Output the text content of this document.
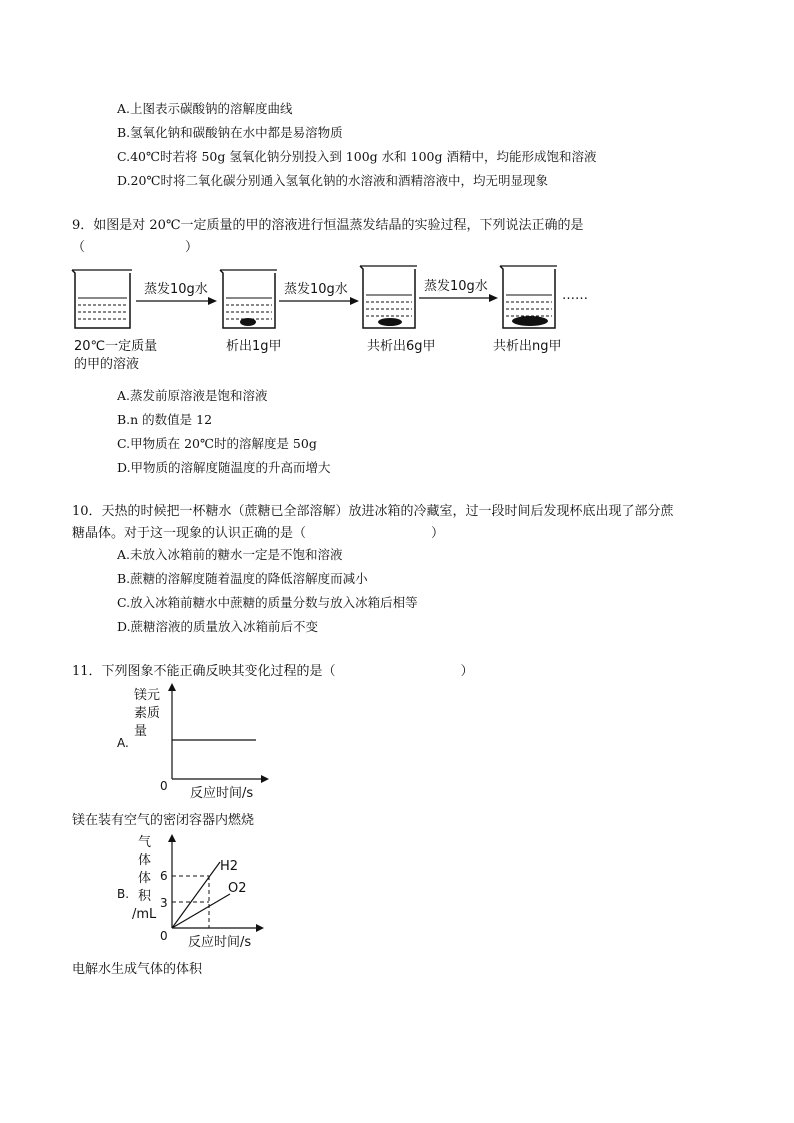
A.上图表示碳酸钠的溶解度曲线
B.氢氧化钠和碳酸钠在水中都是易溶物质
C.40℃时若将 50g 氢氧化钠分别投入到 100g 水和 100g 酒精中，均能形成饱和溶液
D.20℃时将二氧化碳分别通入氢氧化钠的水溶液和酒精溶液中，均无明显现象
9．如图是对 20℃一定质量的甲的溶液进行恒温蒸发结晶的实验过程，下列说法正确的是
（	）
蒸发10g水	蒸发10g水	蒸发10g水
……
20℃一定质量
的甲的溶液
析出1g甲	共析出6g甲	共析出ng甲
A.蒸发前原溶液是饱和溶液
B.n 的数值是 12
C.甲物质在 20℃时的溶解度是 50g
D.甲物质的溶解度随温度的升高而增大
10．天热的时候把一杯糖水（蔗糖已全部溶解）放进冰箱的冷藏室，过一段时间后发现杯底出现了部分蔗
糖晶体。对于这一现象的认识正确的是（	）
A.未放入冰箱前的糖水一定是不饱和溶液
B.蔗糖的溶解度随着温度的降低溶解度而减小
C.放入冰箱前糖水中蔗糖的质量分数与放入冰箱后相等
D.蔗糖溶液的质量放入冰箱前后不变
11．下列图象不能正确反映其变化过程的是（	）
镁元
素质
量
A.
0 反应时间/s
镁在装有空气的密闭容器内燃烧
气
体
体
积
/mL
B.
6
3
H2
O2
0 反应时间/s
电解水生成气体的体积
